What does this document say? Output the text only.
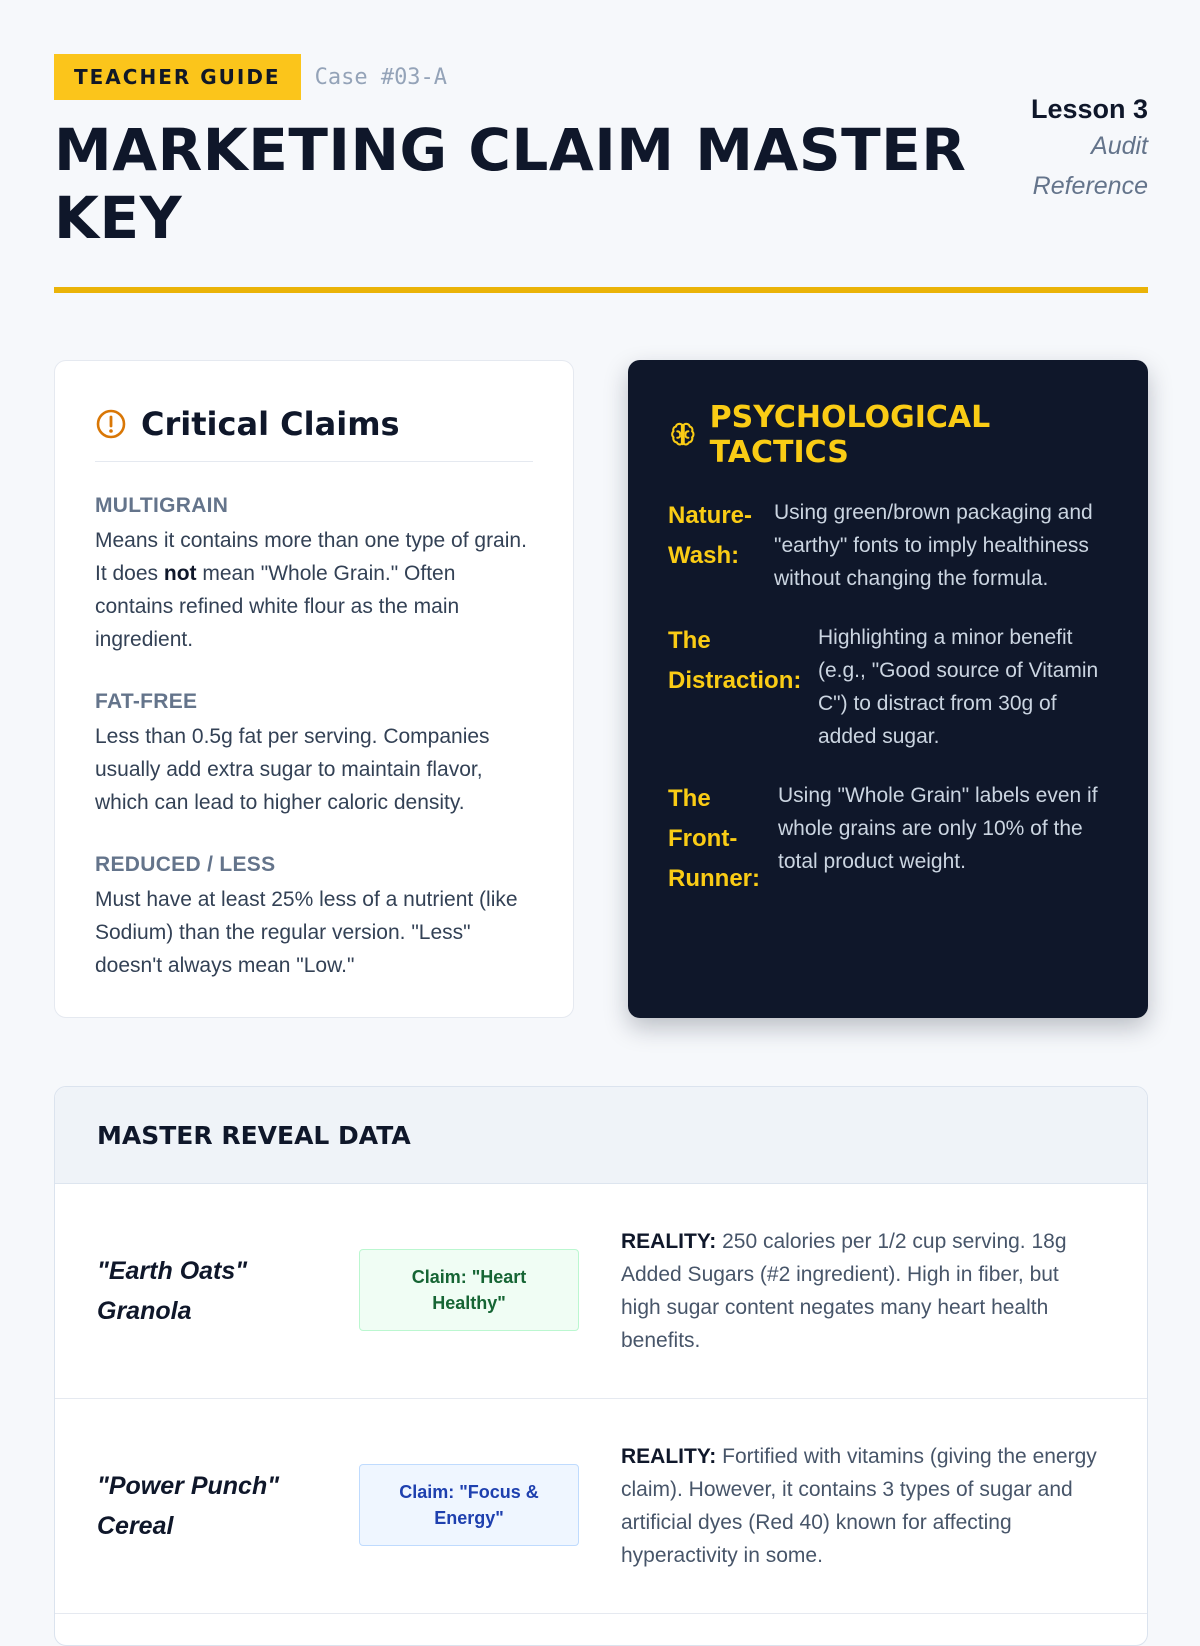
TEACHER GUIDE	Case #03-A
MARKETING CLAIM MASTER KEY
Lesson 3
Audit Reference
Critical Claims
MULTIGRAIN
Means it contains more than one type of grain. It does not mean "Whole Grain." Often contains refined white flour as the main ingredient.
FAT-FREE
Less than 0.5g fat per serving. Companies usually add extra sugar to maintain flavor, which can lead to higher caloric density.
REDUCED / LESS
Must have at least 25% less of a nutrient (like Sodium) than the regular version. "Less" doesn't always mean "Low."
PSYCHOLOGICAL TACTICS
Nature-Wash:
Using green/brown packaging and "earthy" fonts to imply healthiness without changing the formula.
The Distraction:
Highlighting a minor benefit (e.g., "Good source of Vitamin C") to distract from 30g of added sugar.
The Front-Runner:
Using "Whole Grain" labels even if whole grains are only 10% of the total product weight.
MASTER REVEAL DATA
"Earth Oats" Granola
Claim: "Heart Healthy"
REALITY: 250 calories per 1/2 cup serving. 18g Added Sugars (#2 ingredient). High in fiber, but high sugar content negates many heart health benefits.
"Power Punch" Cereal
Claim: "Focus & Energy"
REALITY: Fortified with vitamins (giving the energy claim). However, it contains 3 types of sugar and artificial dyes (Red 40) known for affecting hyperactivity in some.
